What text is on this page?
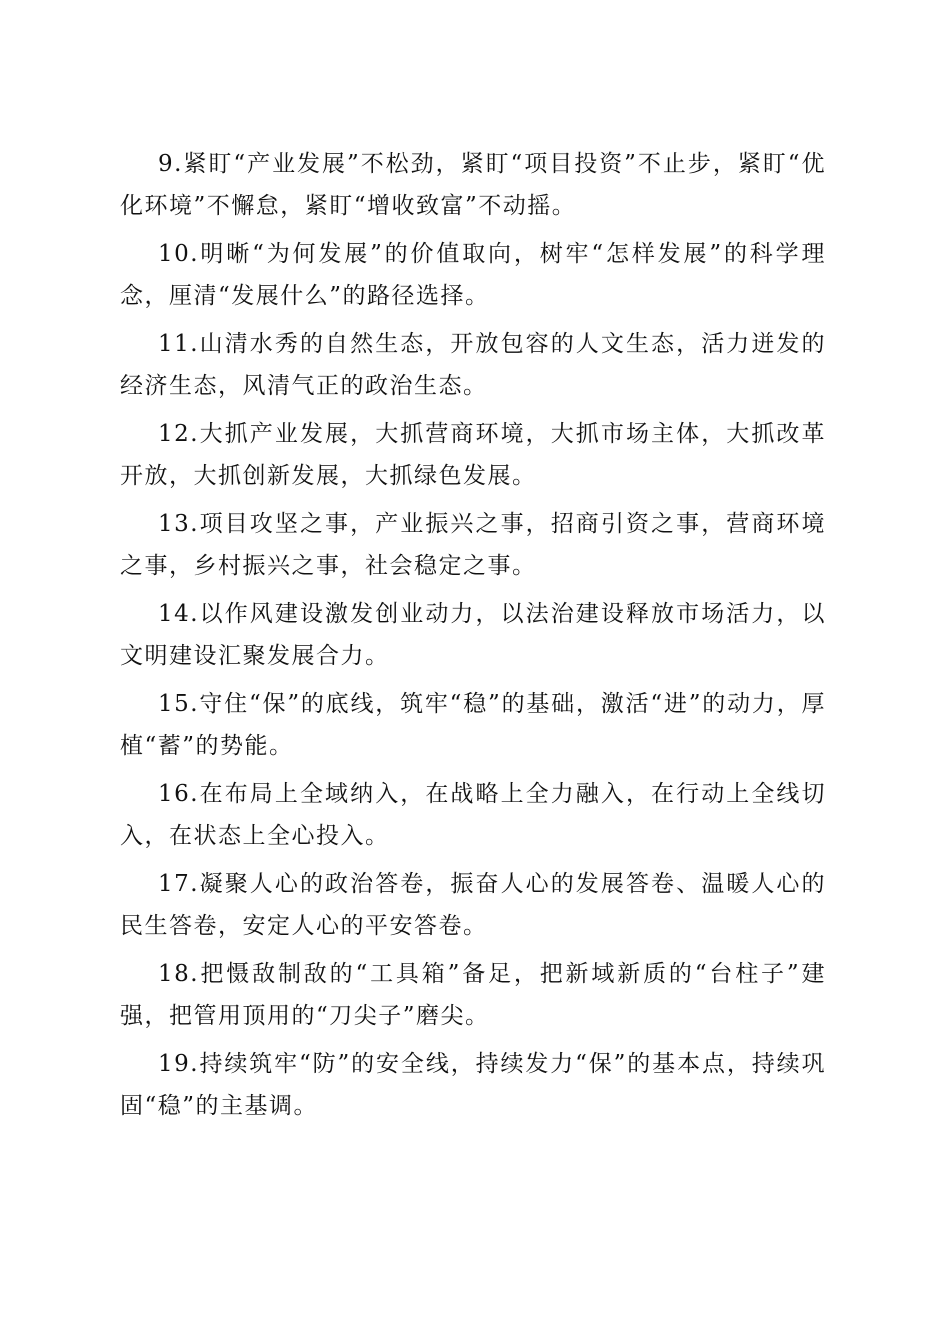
9.紧盯“产业发展”不松劲，紧盯“项目投资”不止步，紧盯“优化环境”不懈怠，紧盯“增收致富”不动摇。

10.明晰“为何发展”的价值取向，树牢“怎样发展”的科学理念，厘清“发展什么”的路径选择。

11.山清水秀的自然生态，开放包容的人文生态，活力迸发的经济生态，风清气正的政治生态。

12.大抓产业发展，大抓营商环境，大抓市场主体，大抓改革开放，大抓创新发展，大抓绿色发展。

13.项目攻坚之事，产业振兴之事，招商引资之事，营商环境之事，乡村振兴之事，社会稳定之事。

14.以作风建设激发创业动力，以法治建设释放市场活力，以文明建设汇聚发展合力。

15.守住“保”的底线，筑牢“稳”的基础，激活“进”的动力，厚植“蓄”的势能。

16.在布局上全域纳入，在战略上全力融入，在行动上全线切入，在状态上全心投入。

17.凝聚人心的政治答卷，振奋人心的发展答卷、温暖人心的民生答卷，安定人心的平安答卷。

18.把慑敌制敌的“工具箱”备足，把新域新质的“台柱子”建强，把管用顶用的“刀尖子”磨尖。

19.持续筑牢“防”的安全线，持续发力“保”的基本点，持续巩固“稳”的主基调。
